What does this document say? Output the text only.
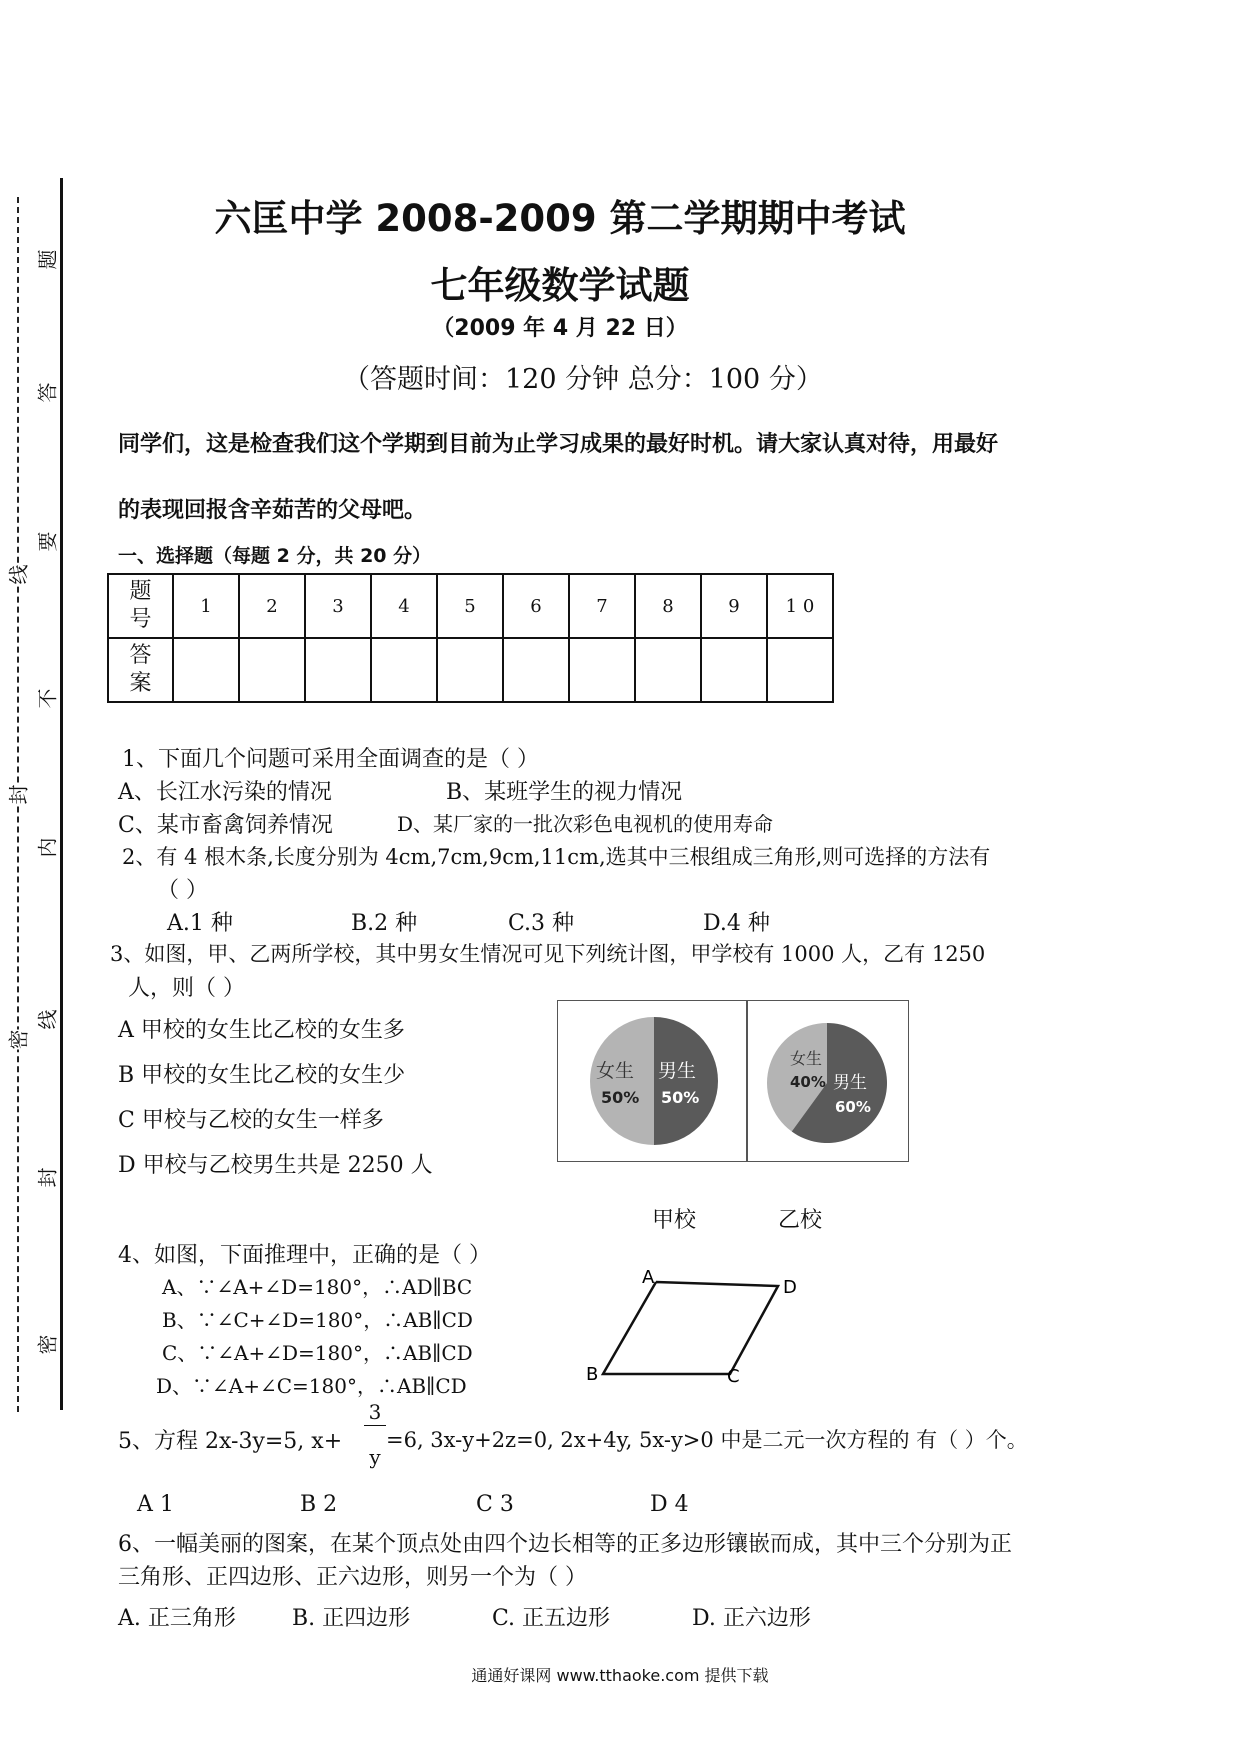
题
答
要
不
内
线
封
密
线
封
密
六匡中学 2008-2009 第二学期期中考试
七年级数学试题
（2009 年 4 月 22 日）
（答题时间：120 分钟 总分：100 分）
同学们，这是检查我们这个学期到目前为止学习成果的最好时机。请大家认真对待，用最好
的表现回报含辛茹苦的父母吧。
一、选择题（每题 2 分，共 20 分）
题
号	1	2	3	4	5	6	7	8	9	1 0
答
案										
1、下面几个问题可采用全面调查的是（ ）
A、长江水污染的情况	B、某班学生的视力情况
C、某市畜禽饲养情况	D、某厂家的一批次彩色电视机的使用寿命
2、有 4 根木条,长度分别为 4cm,7cm,9cm,11cm,选其中三根组成三角形,则可选择的方法有
（ ）
A.1 种	B.2 种	C.3 种	D.4 种
3、如图，甲、乙两所学校，其中男女生情况可见下列统计图，甲学校有 1000 人，乙有 1250
人，则（ ）
A 甲校的女生比乙校的女生多
B 甲校的女生比乙校的女生少
C 甲校与乙校的女生一样多
D 甲校与乙校男生共是 2250 人
女生
50%
男生
50%
女生
40% 男生
60%
甲校	乙校
4、如图，下面推理中，正确的是（ ）
A、∵∠A+∠D=180°，∴AD∥BC
B、∵∠C+∠D=180°，∴AB∥CD
C、∵∠A+∠D=180°，∴AB∥CD
D、∵∠A+∠C=180°，∴AB∥CD
A	D
B	C
5、方程 2x-3y=5, x+
3
y
=6, 3x-y+2z=0, 2x+4y, 5x-y>0 中是二元一次方程的 有（ ）个。
A 1	B 2	C 3	D 4
6、一幅美丽的图案，在某个顶点处由四个边长相等的正多边形镶嵌而成，其中三个分别为正
三角形、正四边形、正六边形，则另一个为（ ）
A. 正三角形	B. 正四边形	C. 正五边形	D. 正六边形
通通好课网 www.tthaoke.com 提供下载
